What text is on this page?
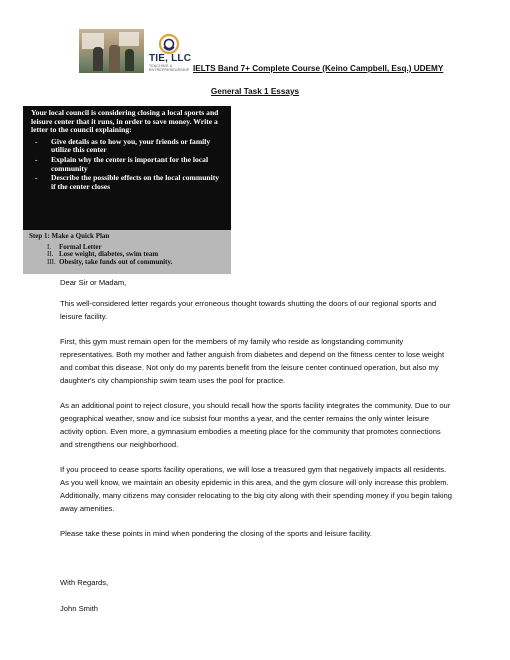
TIE, LLC
TEACHING & ENTREPRENEURSHIP IELTS Band 7+ Complete Course (Keino Campbell, Esq.) UDEMY
General Task 1 Essays
Your local council is considering closing a local sports and leisure center that it runs, in order to save money. Write a letter to the council explaining:
- Give details as to how you, your friends or family utilize this center
- Explain why the center is important for the local community
- Describe the possible effects on the local community if the center closes
Step 1: Make a Quick Plan
I.	Formal Letter
II. Lose weight, diabetes, swim team
III. Obesity, take funds out of community.

Dear Sir or Madam,

This well-considered letter regards your erroneous thought towards shutting the doors of our regional sports and leisure facility.

First, this gym must remain open for the members of my family who reside as longstanding community representatives. Both my mother and father anguish from diabetes and depend on the fitness center to lose weight and combat this disease. Not only do my parents benefit from the leisure center continued operation, but also my daughter's city championship swim team uses the pool for practice.

As an additional point to reject closure, you should recall how the sports facility integrates the community. Due to our geographical weather, snow and ice subsist four months a year, and the center remains the only winter leisure activity option. Even more, a gymnasium embodies a meeting place for the community that promotes connections and strengthens our neighborhood.

If you proceed to cease sports facility operations, we will lose a treasured gym that negatively impacts all residents. As you well know, we maintain an obesity epidemic in this area, and the gym closure will only increase this problem. Additionally, many citizens may consider relocating to the big city along with their spending money if you begin taking away amenities.

Please take these points in mind when pondering the closing of the sports and leisure facility.

With Regards,

John Smith
